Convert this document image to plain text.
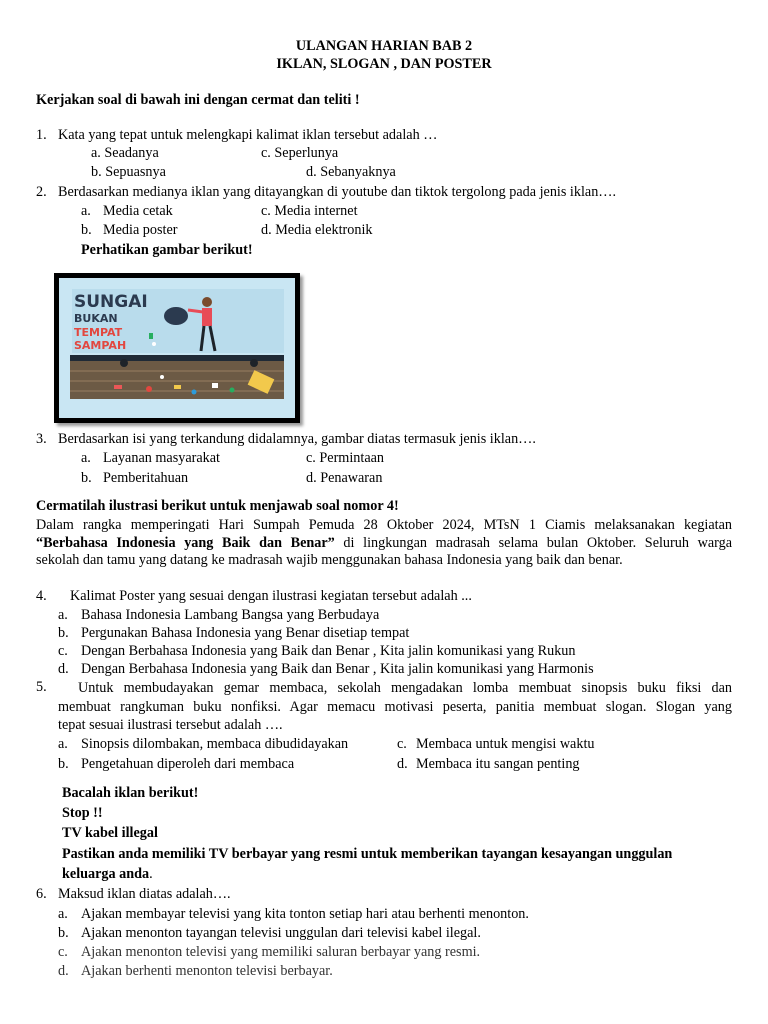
ULANGAN HARIAN BAB 2
IKLAN, SLOGAN , DAN POSTER
Kerjakan soal di bawah ini dengan cermat dan teliti !
1. Kata yang tepat untuk melengkapi kalimat iklan tersebut adalah …
a. Seadanya	c. Seperlunya
b. Sepuasnya	d. Sebanyaknya
2. Berdasarkan medianya iklan yang ditayangkan di youtube dan tiktok tergolong pada jenis iklan….
a. Media cetak	c. Media internet
b. Media poster	d. Media elektronik
Perhatikan gambar berikut!
SUNGAI
BUKAN
TEMPAT
SAMPAH
3. Berdasarkan isi yang terkandung didalamnya, gambar diatas termasuk jenis iklan….
a. Layanan masyarakat	c. Permintaan
b. Pemberitahuan	d. Penawaran
Cermatilah ilustrasi berikut untuk menjawab soal nomor 4!
Dalam rangka memperingati Hari Sumpah Pemuda 28 Oktober 2024, MTsN 1 Ciamis melaksanakan kegiatan
“Berbahasa Indonesia yang Baik dan Benar” di lingkungan madrasah selama bulan Oktober. Seluruh warga
sekolah dan tamu yang datang ke madrasah wajib menggunakan bahasa Indonesia yang baik dan benar.
4. Kalimat Poster yang sesuai dengan ilustrasi kegiatan tersebut adalah ...
a. Bahasa Indonesia Lambang Bangsa yang Berbudaya
b. Pergunakan Bahasa Indonesia yang Benar disetiap tempat
c. Dengan Berbahasa Indonesia yang Baik dan Benar , Kita jalin komunikasi yang Rukun
d. Dengan Berbahasa Indonesia yang Baik dan Benar , Kita jalin komunikasi yang Harmonis
5. Untuk membudayakan gemar membaca, sekolah mengadakan lomba membuat sinopsis buku fiksi dan
membuat rangkuman buku nonfiksi. Agar memacu motivasi peserta, panitia membuat slogan. Slogan yang
tepat sesuai ilustrasi tersebut adalah ….
a. Sinopsis dilombakan, membaca dibudidayakan	c. Membaca untuk mengisi waktu
b. Pengetahuan diperoleh dari membaca	d. Membaca itu sangan penting
Bacalah iklan berikut!
Stop !!
TV kabel illegal
Pastikan anda memiliki TV berbayar yang resmi untuk memberikan tayangan kesayangan unggulan
keluarga anda.
6. Maksud iklan diatas adalah….
a. Ajakan membayar televisi yang kita tonton setiap hari atau berhenti menonton.
b. Ajakan menonton tayangan televisi unggulan dari televisi kabel ilegal.
c. Ajakan menonton televisi yang memiliki saluran berbayar yang resmi.
d. Ajakan berhenti menonton televisi berbayar.
